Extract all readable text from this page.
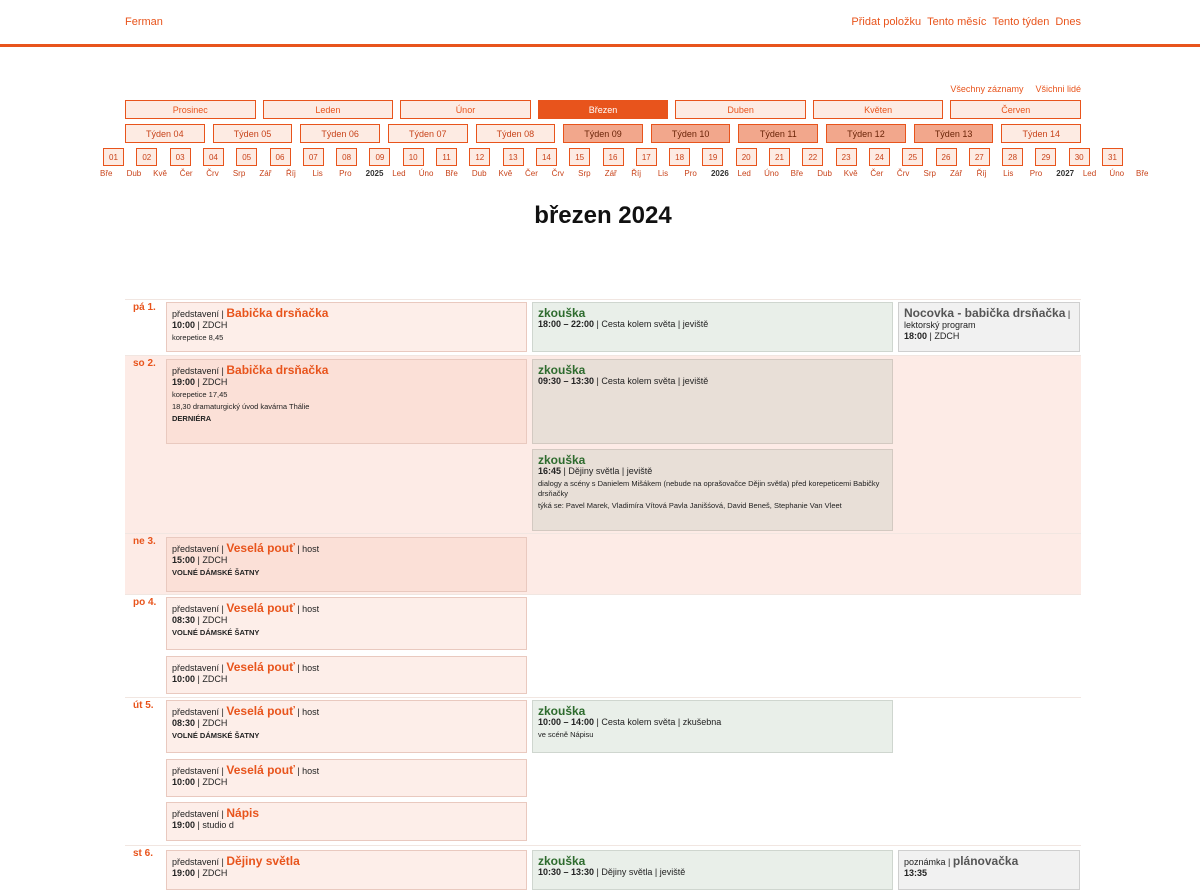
Ferman	Přidat položku Tento měsíc Tento týden Dnes
Všechny záznamy Všichni lidé
Prosinec	Leden	Únor	Březen	Duben	Květen	Červen
Týden 04	Týden 05	Týden 06	Týden 07	Týden 08	Týden 09	Týden 10	Týden 11	Týden 12	Týden 13	Týden 14
01	02	03	04	05	06	07	08	09	10	11	12	13	14	15	16	17	18	19	20	21	22	23	24	25	26	27	28	29	30	31
Bře Dub Kvě Čer Črv Srp Zář Říj Lis Pro 2025 Led Úno Bře Dub Kvě Čer Črv Srp Zář Říj Lis Pro 2026 Led Úno Bře Dub Kvě Čer Črv Srp Zář Říj Lis Pro 2027 Led Úno Bře
březen 2024
pá 1.
představení | Babička drsňačka
10:00 | ZDCH
korepetice 8,45
zkouška
18:00 – 22:00 | Cesta kolem světa | jeviště
Nocovka - babička drsňačka |

lektorský program
18:00 | ZDCH
so 2.
představení | Babička drsňačka
19:00 | ZDCH
korepetice 17,45
18,30 dramaturgický úvod kavárna Thálie
DERNIÉRA
zkouška
09:30 – 13:30 | Cesta kolem světa | jeviště
zkouška
16:45 | Dějiny světla | jeviště
dialogy a scény s Danielem Mišákem (nebude na oprašovačce Dějin světla) před korepeticemi Babičky drsňačky
týká se: Pavel Marek, Vladimíra Vítová Pavla Janišśová, David Beneš, Stephanie Van Vleet
ne 3.
představení | Veselá pouť | host
15:00 | ZDCH
VOLNÉ DÁMSKÉ ŠATNY
po 4.
představení | Veselá pouť | host
08:30 | ZDCH
VOLNÉ DÁMSKÉ ŠATNY
představení | Veselá pouť | host
10:00 | ZDCH
út 5.
představení | Veselá pouť | host
08:30 | ZDCH
VOLNÉ DÁMSKÉ ŠATNY
zkouška
10:00 – 14:00 | Cesta kolem světa | zkušebna
ve scéně Nápisu
představení | Veselá pouť | host
10:00 | ZDCH
představení | Nápis
19:00 | studio d
st 6.
představení | Dějiny světla
19:00 | ZDCH
zkouška
10:30 – 13:30 | Dějiny světla | jeviště
poznámka | plánovačka
13:35
